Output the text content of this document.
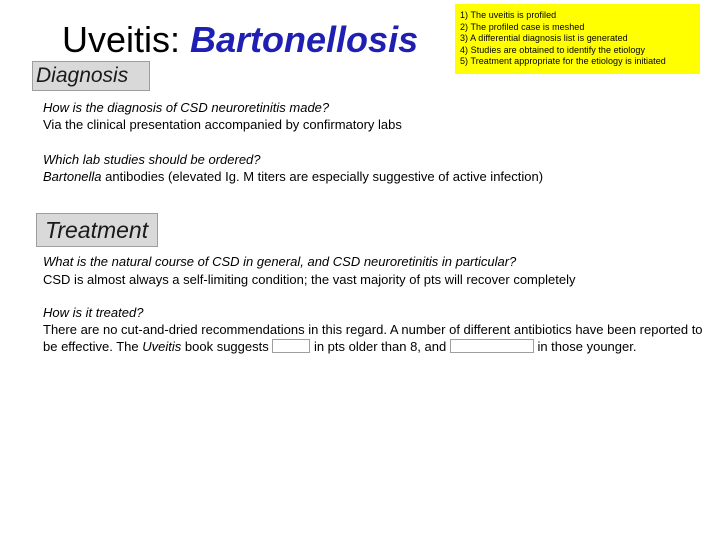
Uveitis: Bartonellosis
1) The uveitis is profiled
2) The profiled case is meshed
3) A differential diagnosis list is generated
4) Studies are obtained to identify the etiology
5) Treatment appropriate for the etiology is initiated
Diagnosis
How is the diagnosis of CSD neuroretinitis made?
Via the clinical presentation accompanied by confirmatory labs
Which lab studies should be ordered?
Bartonella antibodies (elevated Ig. M titers are especially suggestive of active infection)
Treatment
What is the natural course of CSD in general, and CSD neuroretinitis in particular?
CSD is almost always a self-limiting condition; the vast majority of pts will recover completely
How is it treated?
There are no cut-and-dried recommendations in this regard. A number of different antibiotics have been reported to be effective. The Uveitis book suggests	in pts older than 8, and	in those younger.
